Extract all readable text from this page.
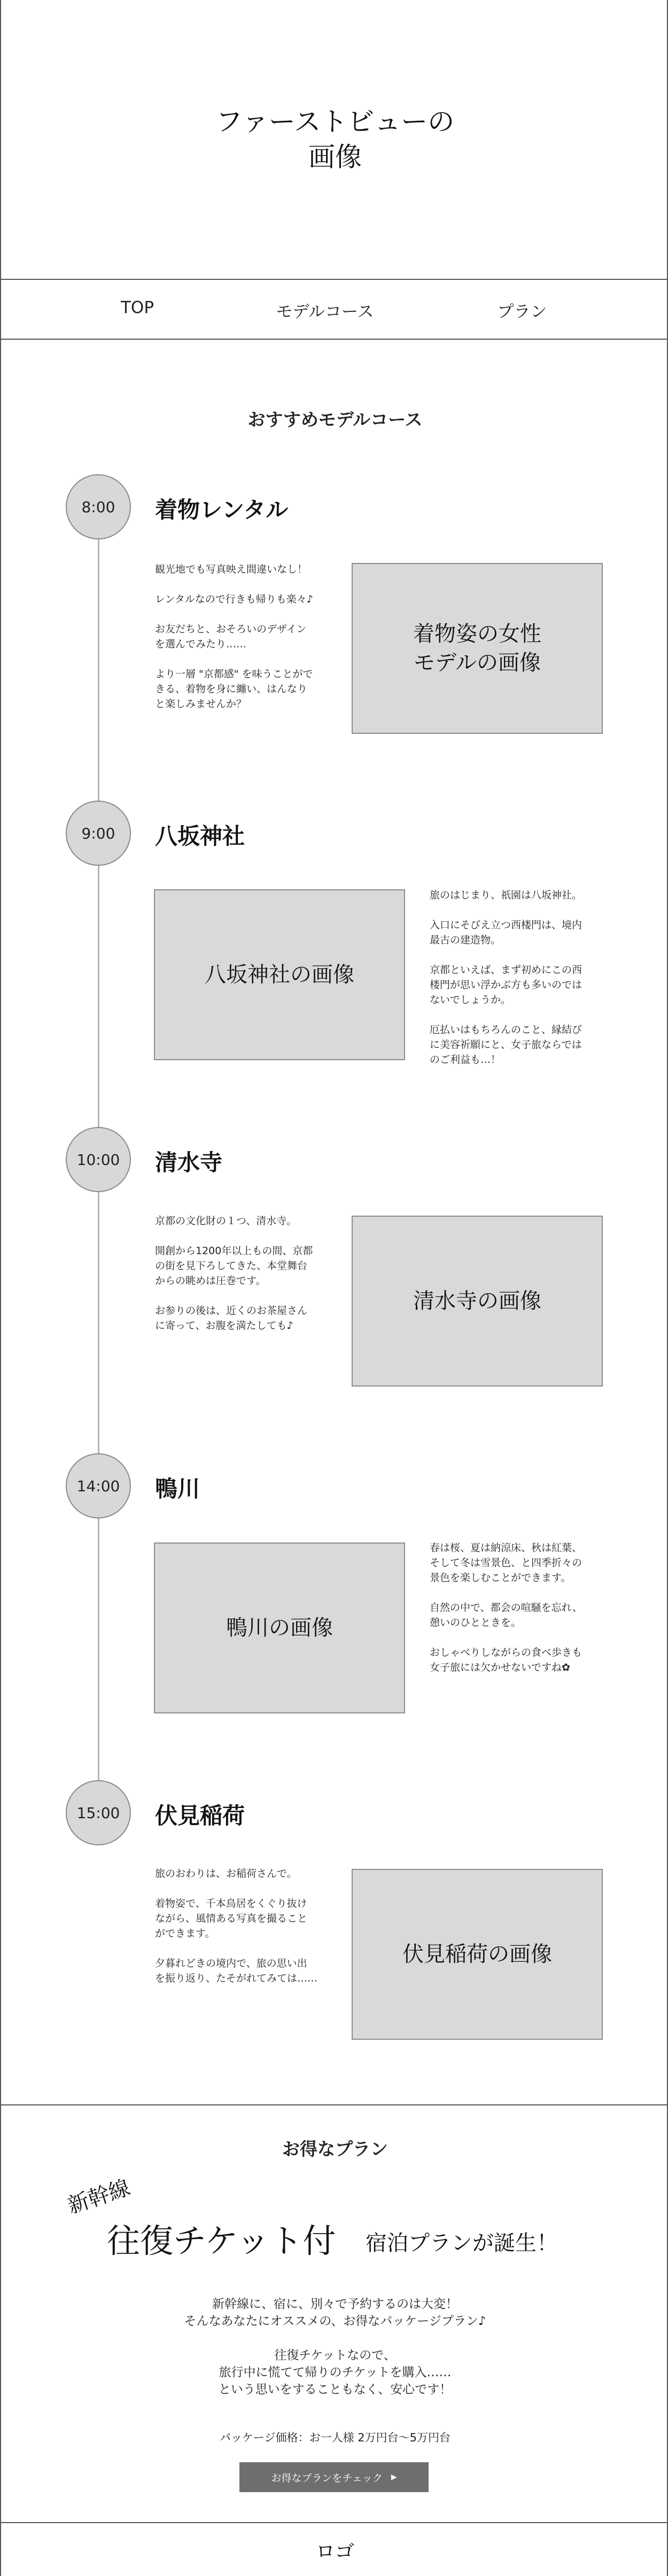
ファーストビューの
画像
TOP	モデルコース	プラン
おすすめモデルコース
8:00	着物レンタル

観光地でも写真映え間違いなし！

レンタルなので行きも帰りも楽々♪

お友だちと、おそろいのデザイン
を選んでみたり……

より一層 "京都感" を味うことがで
きる、着物を身に纏い、はんなり
と楽しみませんか？

着物姿の女性
モデルの画像
9:00	八坂神社
八坂神社の画像

旅のはじまり、祇園は八坂神社。

入口にそびえ立つ西楼門は、境内
最古の建造物。

京都といえば、まず初めにこの西
楼門が思い浮かぶ方も多いのでは
ないでしょうか。

厄払いはもちろんのこと、縁結び
に美容祈願にと、女子旅ならでは
のご利益も…！

10:00	清水寺

京都の文化財の１つ、清水寺。

開創から1200年以上もの間、京都
の街を見下ろしてきた、本堂舞台
からの眺めは圧巻です。

お参りの後は、近くのお茶屋さん
に寄って、お腹を満たしても♪

清水寺の画像
14:00	鴨川
鴨川の画像

春は桜、夏は納涼床、秋は紅葉、
そして冬は雪景色、と四季折々の
景色を楽しむことができます。

自然の中で、都会の喧騒を忘れ、
憩いのひとときを。

おしゃべりしながらの食べ歩きも
女子旅には欠かせないですね✿

15:00	伏見稲荷

旅のおわりは、お稲荷さんで。

着物姿で、千本鳥居をくぐり抜け
ながら、風情ある写真を撮ること
ができます。

夕暮れどきの境内で、旅の思い出
を振り返り、たそがれてみては……

伏見稲荷の画像
お得なプラン
新幹線
往復チケット付 宿泊プランが誕生！

新幹線に、宿に、別々で予約するのは大変！
そんなあなたにオススメの、お得なパッケージプラン♪

往復チケットなので、
旅行中に慌てて帰りのチケットを購入……
という思いをすることもなく、安心です！

パッケージ価格：お一人様 2万円台〜5万円台
お得なプランをチェック ▶
ロゴ
